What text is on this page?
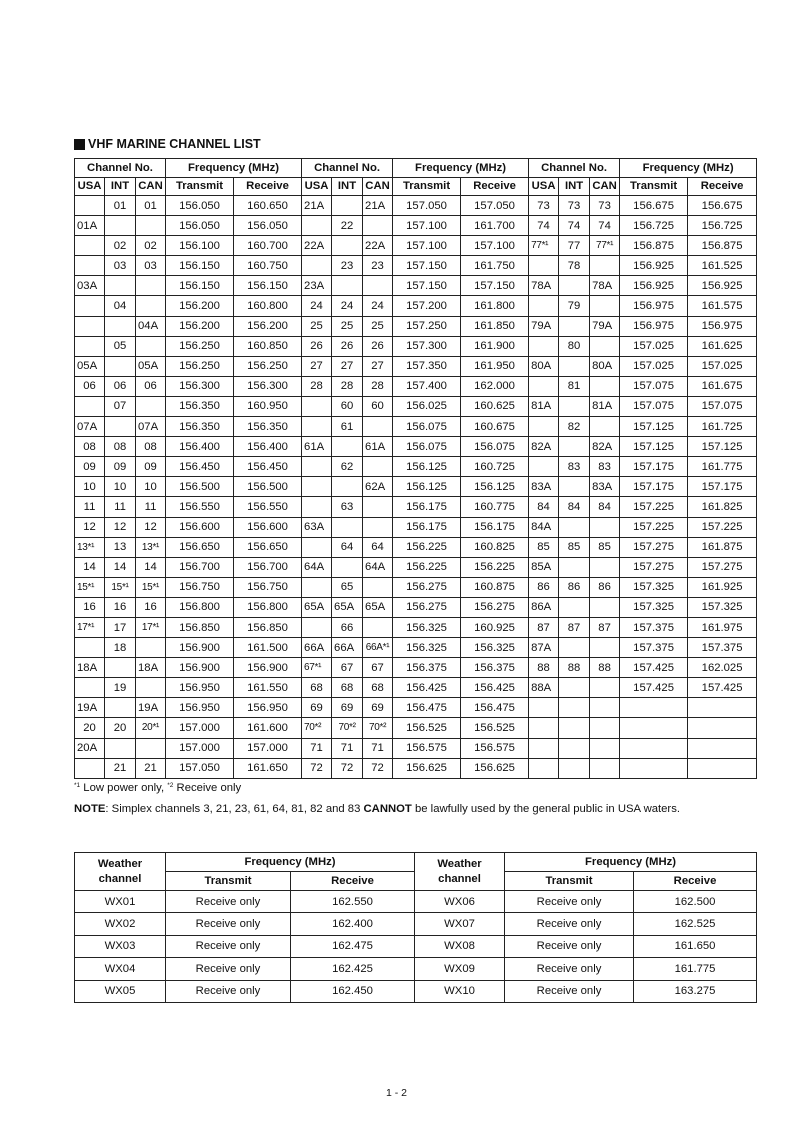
VHF MARINE CHANNEL LIST
Channel No.			Frequency (MHz)		Channel No.			Frequency (MHz)		Channel No.			Frequency (MHz)	
USA	INT	CAN	Transmit	Receive	USA	INT	CAN	Transmit	Receive	USA	INT	CAN	Transmit	Receive
	01	01	156.050	160.650	21A		21A	157.050	157.050	73	73	73	156.675	156.675
01A			156.050	156.050		22		157.100	161.700	74	74	74	156.725	156.725
	02	02	156.100	160.700	22A		22A	157.100	157.100	77*¹	77	77*¹	156.875	156.875
	03	03	156.150	160.750		23	23	157.150	161.750		78		156.925	161.525
03A			156.150	156.150	23A			157.150	157.150	78A		78A	156.925	156.925
	04		156.200	160.800	24	24	24	157.200	161.800		79		156.975	161.575
		04A	156.200	156.200	25	25	25	157.250	161.850	79A		79A	156.975	156.975
	05		156.250	160.850	26	26	26	157.300	161.900		80		157.025	161.625
05A		05A	156.250	156.250	27	27	27	157.350	161.950	80A		80A	157.025	157.025
06	06	06	156.300	156.300	28	28	28	157.400	162.000		81		157.075	161.675
	07		156.350	160.950		60	60	156.025	160.625	81A		81A	157.075	157.075
07A		07A	156.350	156.350		61		156.075	160.675		82		157.125	161.725
08	08	08	156.400	156.400	61A		61A	156.075	156.075	82A		82A	157.125	157.125
09	09	09	156.450	156.450		62		156.125	160.725		83	83	157.175	161.775
10	10	10	156.500	156.500			62A	156.125	156.125	83A		83A	157.175	157.175
11	11	11	156.550	156.550		63		156.175	160.775	84	84	84	157.225	161.825
12	12	12	156.600	156.600	63A			156.175	156.175	84A			157.225	157.225
13*¹	13	13*¹	156.650	156.650		64	64	156.225	160.825	85	85	85	157.275	161.875
14	14	14	156.700	156.700	64A		64A	156.225	156.225	85A			157.275	157.275
15*¹	15*¹	15*¹	156.750	156.750		65		156.275	160.875	86	86	86	157.325	161.925
16	16	16	156.800	156.800	65A	65A	65A	156.275	156.275	86A			157.325	157.325
17*¹	17	17*¹	156.850	156.850		66		156.325	160.925	87	87	87	157.375	161.975
	18		156.900	161.500	66A	66A	66A*¹	156.325	156.325	87A			157.375	157.375
18A		18A	156.900	156.900	67*¹	67	67	156.375	156.375	88	88	88	157.425	162.025
	19		156.950	161.550	68	68	68	156.425	156.425	88A			157.425	157.425
19A		19A	156.950	156.950	69	69	69	156.475	156.475					
20	20	20*¹	157.000	161.600	70*²	70*²	70*²	156.525	156.525					
20A			157.000	157.000	71	71	71	156.575	156.575					
	21	21	157.050	161.650	72	72	72	156.625	156.625					
$^{*1}$ Low power only, $^{*2}$ Receive only
NOTE: Simplex channels 3, 21, 23, 61, 64, 81, 82 and 83 CANNOT be lawfully used by the general public in USA waters.
Weather channel	Frequency (MHz)		Weather channel	Frequency (MHz)	
	Transmit	Receive		Transmit	Receive
WX01	Receive only	162.550	WX06	Receive only	162.500
WX02	Receive only	162.400	WX07	Receive only	162.525
WX03	Receive only	162.475	WX08	Receive only	161.650
WX04	Receive only	162.425	WX09	Receive only	161.775
WX05	Receive only	162.450	WX10	Receive only	163.275
1 - 2
